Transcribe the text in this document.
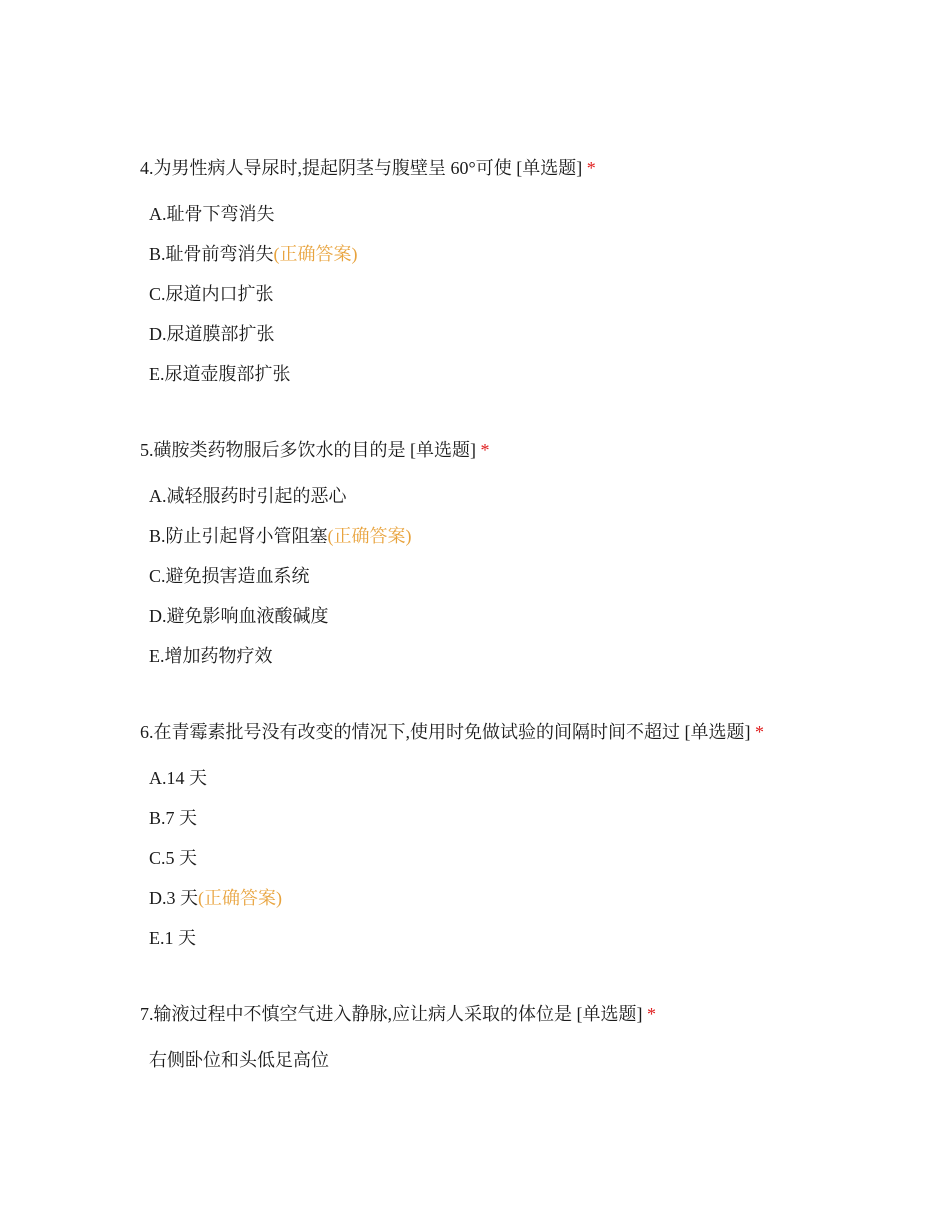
4.为男性病人导尿时,提起阴茎与腹壁呈 60°可使 [单选题] *
A.耻骨下弯消失
B.耻骨前弯消失(正确答案)
C.尿道内口扩张
D.尿道膜部扩张
E.尿道壶腹部扩张
5.磺胺类药物服后多饮水的目的是 [单选题] *
A.减轻服药时引起的恶心
B.防止引起肾小管阻塞(正确答案)
C.避免损害造血系统
D.避免影响血液酸碱度
E.增加药物疗效
6.在青霉素批号没有改变的情况下,使用时免做试验的间隔时间不超过 [单选题] *
A.14 天
B.7 天
C.5 天
D.3 天(正确答案)
E.1 天
7.输液过程中不慎空气进入静脉,应让病人采取的体位是 [单选题] *
右侧卧位和头低足高位
